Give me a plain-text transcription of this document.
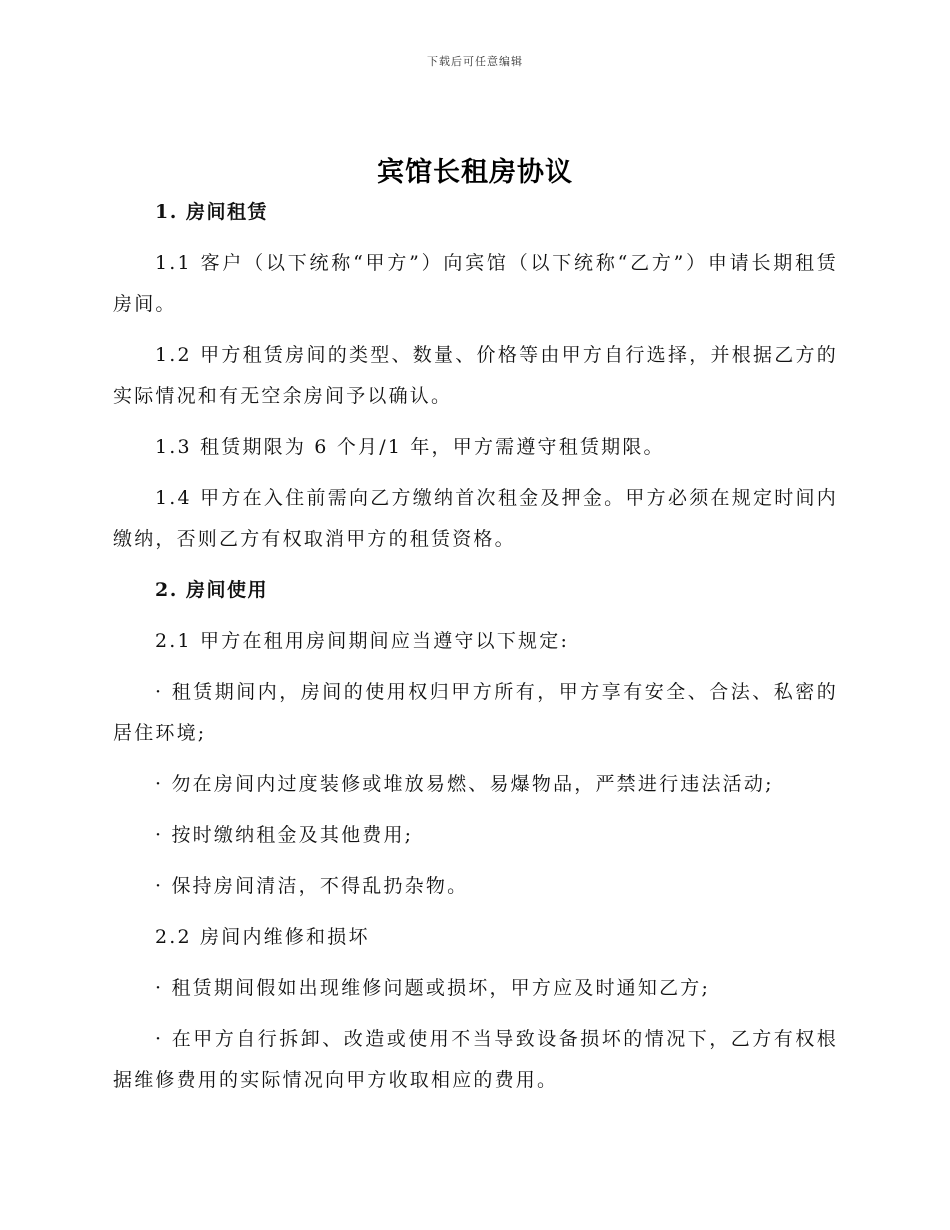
下载后可任意编辑
宾馆长租房协议

1. 房间租赁

1.1 客户（以下统称“甲方”）向宾馆（以下统称“乙方”）申请长期租赁房间。

1.2 甲方租赁房间的类型、数量、价格等由甲方自行选择，并根据乙方的实际情况和有无空余房间予以确认。

1.3 租赁期限为 6 个月/1 年，甲方需遵守租赁期限。

1.4 甲方在入住前需向乙方缴纳首次租金及押金。甲方必须在规定时间内缴纳，否则乙方有权取消甲方的租赁资格。

2. 房间使用

2.1 甲方在租用房间期间应当遵守以下规定:

· 租赁期间内，房间的使用权归甲方所有，甲方享有安全、合法、私密的居住环境;

· 勿在房间内过度装修或堆放易燃、易爆物品，严禁进行违法活动;

· 按时缴纳租金及其他费用;

· 保持房间清洁，不得乱扔杂物。

2.2 房间内维修和损坏

· 租赁期间假如出现维修问题或损坏，甲方应及时通知乙方;

· 在甲方自行拆卸、改造或使用不当导致设备损坏的情况下，乙方有权根据维修费用的实际情况向甲方收取相应的费用。
